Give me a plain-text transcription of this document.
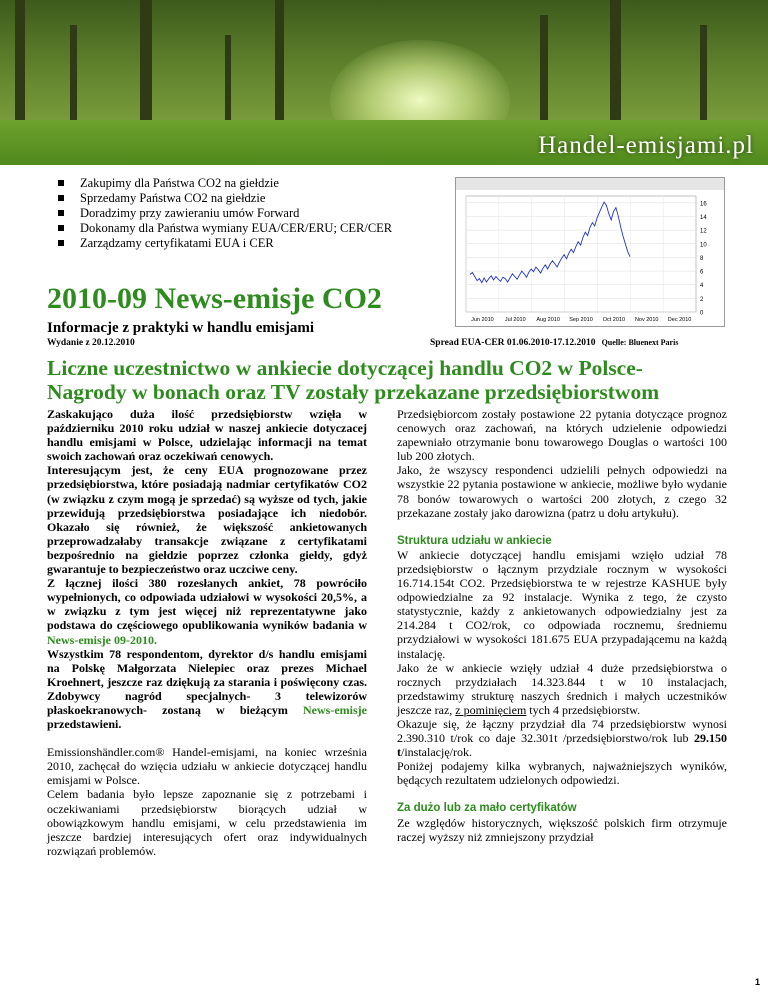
Handel-emisjami.pl
Zakupimy dla Państwa CO2 na giełdzie
Sprzedamy Państwa CO2 na giełdzie
Doradzimy przy zawieraniu umów Forward
Dokonamy dla Państwa wymiany EUA/CER/ERU; CER/CER
Zarządzamy certyfikatami EUA i CER
16
14
12
10
8
6
4
2
0
Jun 2010 Jul 2010 Aug 2010 Sep 2010 Oct 2010 Nov 2010 Dec 2010
2010-09 News-emisje CO2
Informacje z praktyki w handlu emisjami
Wydanie z 20.12.2010	Spread EUA-CER 01.06.2010-17.12.2010 Quelle: Bluenext Paris
Liczne uczestnictwo w ankiecie dotyczącej handlu CO2 w Polsce- Nagrody w bonach oraz TV zostały przekazane przedsiębiorstwom

Zaskakująco duża ilość przedsiębiorstw wzięła w październiku 2010 roku udział w naszej ankiecie dotyczacej handlu emisjami w Polsce, udzielając informacji na temat swoich zachowań oraz oczekiwań cenowych.

Interesującym jest, że ceny EUA prognozowane przez przedsiębiorstwa, które posiadają nadmiar certyfikatów CO2 (w związku z czym mogą je sprzedać) są wyższe od tych, jakie przewidują przedsiębiorstwa posiadające ich niedobór. Okazało się również, że większość ankietowanych przeprowadzałaby transakcje związane z certyfikatami bezpośrednio na giełdzie poprzez członka giełdy, gdyż gwarantuje to bezpieczeństwo oraz uczciwe ceny.

Z łącznej ilości 380 rozesłanych ankiet, 78 powróciło wypełnionych, co odpowiada udziałowi w wysokości 20,5%, a w związku z tym jest więcej niż reprezentatywne jako podstawa do częściowego opublikowania wyników badania w News-emisje 09-2010.

Wszystkim 78 respondentom, dyrektor d/s handlu emisjami na Polskę Małgorzata Nielepiec oraz prezes Michael Kroehnert, jeszcze raz dziękują za starania i poświęcony czas. Zdobywcy nagród specjalnych- 3 telewizorów płaskoekranowych- zostaną w bieżącym News-emisje przedstawieni.

Emissionshändler.com® Handel-emisjami, na koniec września 2010, zachęcał do wzięcia udziału w ankiecie dotyczącej handlu emisjami w Polsce.

Celem badania było lepsze zapoznanie się z potrzebami i oczekiwaniami przedsiębiorstw biorących udział w obowiązkowym handlu emisjami, w celu przedstawienia im jeszcze bardziej interesujących ofert oraz indywidualnych rozwiązań problemów.

Przedsiębiorcom zostały postawione 22 pytania dotyczące prognoz cenowych oraz zachowań, na których udzielenie odpowiedzi zapewniało otrzymanie bonu towarowego Douglas o wartości 100 lub 200 złotych.

Jako, że wszyscy respondenci udzielili pełnych odpowiedzi na wszystkie 22 pytania postawione w ankiecie, możliwe było wydanie 78 bonów towarowych o wartości 200 złotych, z czego 32 przekazane zostały jako darowizna (patrz u dołu artykułu).

Struktura udziału w ankiecie

W ankiecie dotyczącej handlu emisjami wzięło udział 78 przedsiębiorstw o łącznym przydziale rocznym w wysokości 16.714.154t CO2. Przedsiębiorstwa te w rejestrze KASHUE były odpowiedzialne za 92 instalacje. Wynika z tego, że czysto statystycznie, każdy z ankietowanych odpowiedzialny jest za 214.284 t CO2/rok, co odpowiada rocznemu, średniemu przydziałowi w wysokości 181.675 EUA przypadającemu na każdą instalację.

Jako że w ankiecie wzięły udział 4 duże przedsiębiorstwa o rocznych przydziałach 14.323.844 t w 10 instalacjach, przedstawimy strukturę naszych średnich i małych uczestników jeszcze raz, z pominięciem tych 4 przedsiębiorstw.

Okazuje się, że łączny przydział dla 74 przedsiębiorstw wynosi 2.390.310 t/rok co daje 32.301t /przedsiębiorstwo/rok lub 29.150 t/instalację/rok.

Poniżej podajemy kilka wybranych, najważniejszych wyników, będących rezultatem udzielonych odpowiedzi.

Za dużo lub za mało certyfikatów

Ze względów historycznych, większość polskich firm otrzymuje raczej wyższy niż zmniejszony przydział

1
